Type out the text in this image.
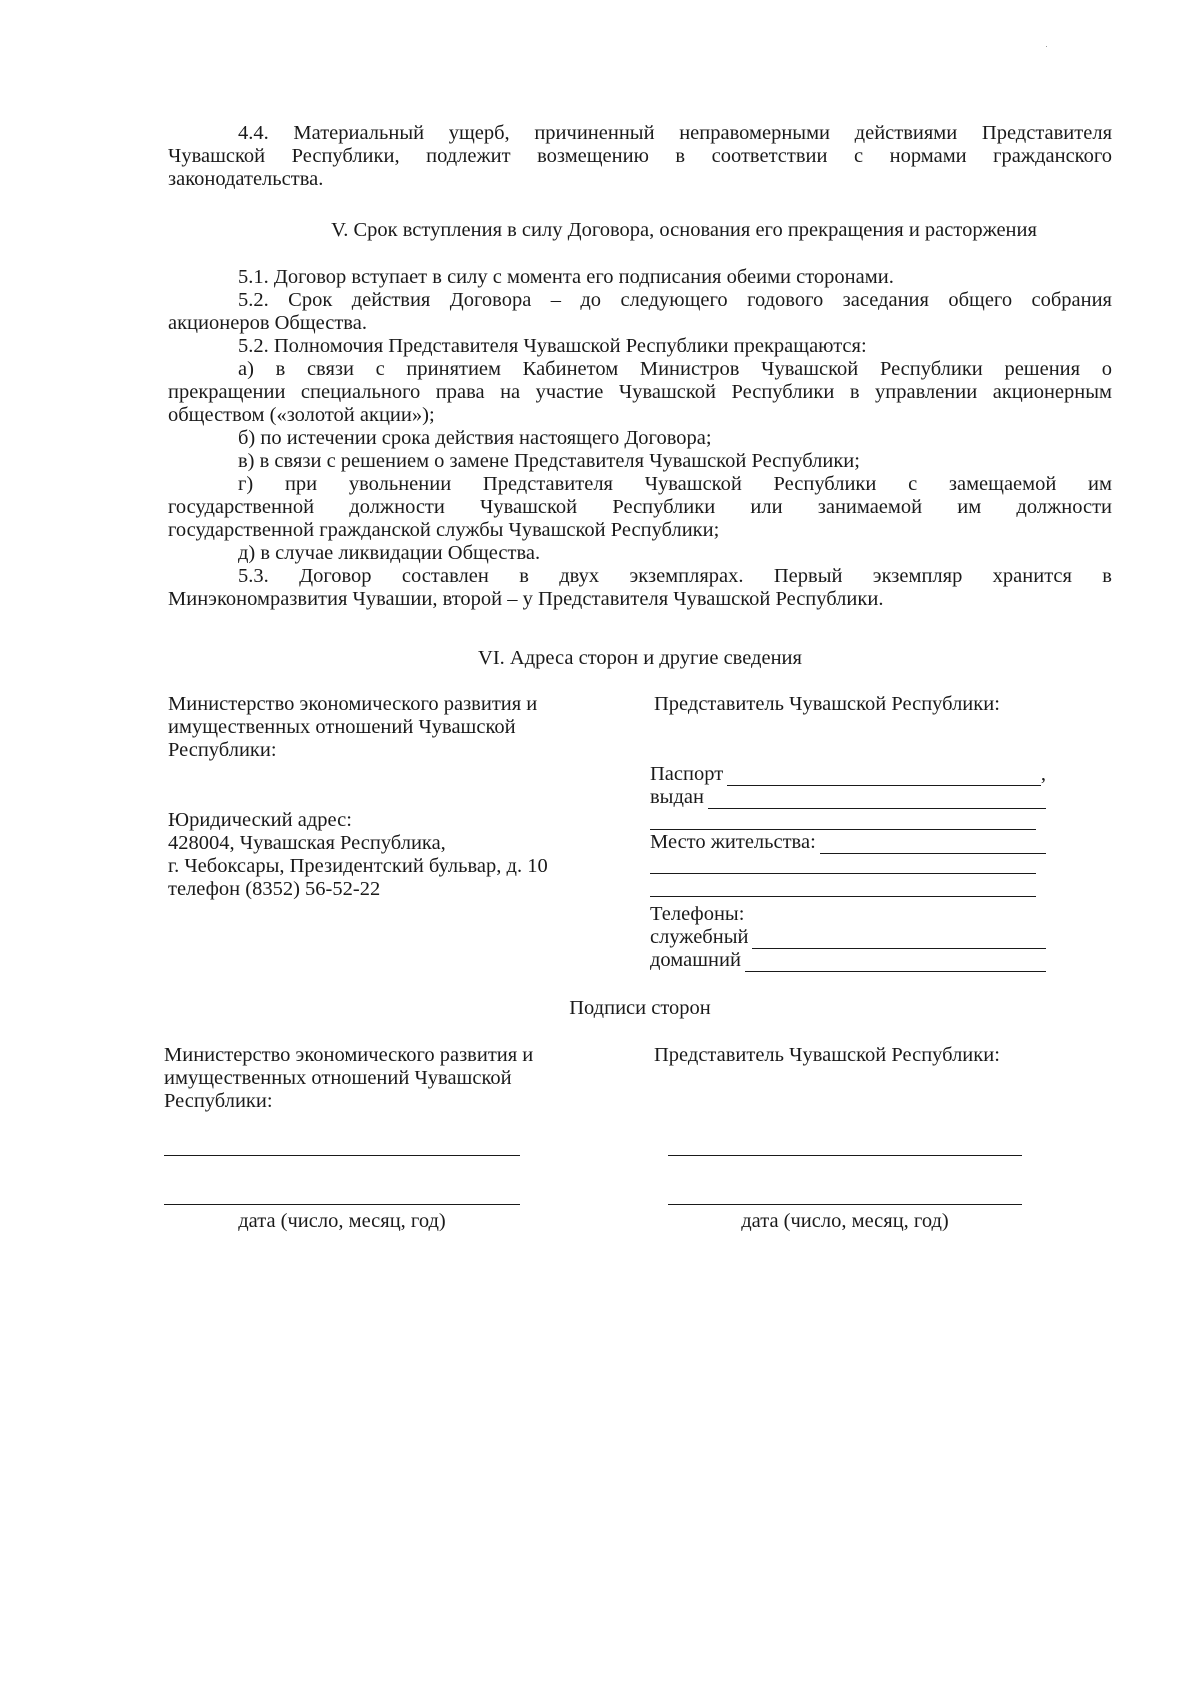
4.4. Материальный ущерб, причиненный неправомерными действиями Представителя
Чувашской Республики, подлежит возмещению в соответствии с нормами гражданского
законодательства.
V. Срок вступления в силу Договора, основания его прекращения и расторжения
5.1. Договор вступает в силу с момента его подписания обеими сторонами.
5.2. Срок действия Договора – до следующего годового заседания общего собрания
акционеров Общества.
5.2. Полномочия Представителя Чувашской Республики прекращаются:
а) в связи с принятием Кабинетом Министров Чувашской Республики решения о
прекращении специального права на участие Чувашской Республики в управлении акционерным
обществом («золотой акции»);
б) по истечении срока действия настоящего Договора;
в) в связи с решением о замене Представителя Чувашской Республики;
г) при увольнении Представителя Чувашской Республики с замещаемой им
государственной должности Чувашской Республики или занимаемой им должности
государственной гражданской службы Чувашской Республики;
д) в случае ликвидации Общества.
5.3. Договор составлен в двух экземплярах. Первый экземпляр хранится в
Минэкономразвития Чувашии, второй – у Представителя Чувашской Республики.
VI. Адреса сторон и другие сведения
Министерство экономического развития и
имущественных отношений Чувашской
Республики:
Юридический адрес:
428004, Чувашская Республика,
г. Чебоксары, Президентский бульвар, д. 10
телефон (8352) 56-52-22
Представитель Чувашской Республики:
Паспорт	,
выдан
Место жительства:
Телефоны:
служебный
домашний
Подписи сторон
Министерство экономического развития и
имущественных отношений Чувашской
Республики:
Представитель Чувашской Республики:
дата (число, месяц, год)	дата (число, месяц, год)
